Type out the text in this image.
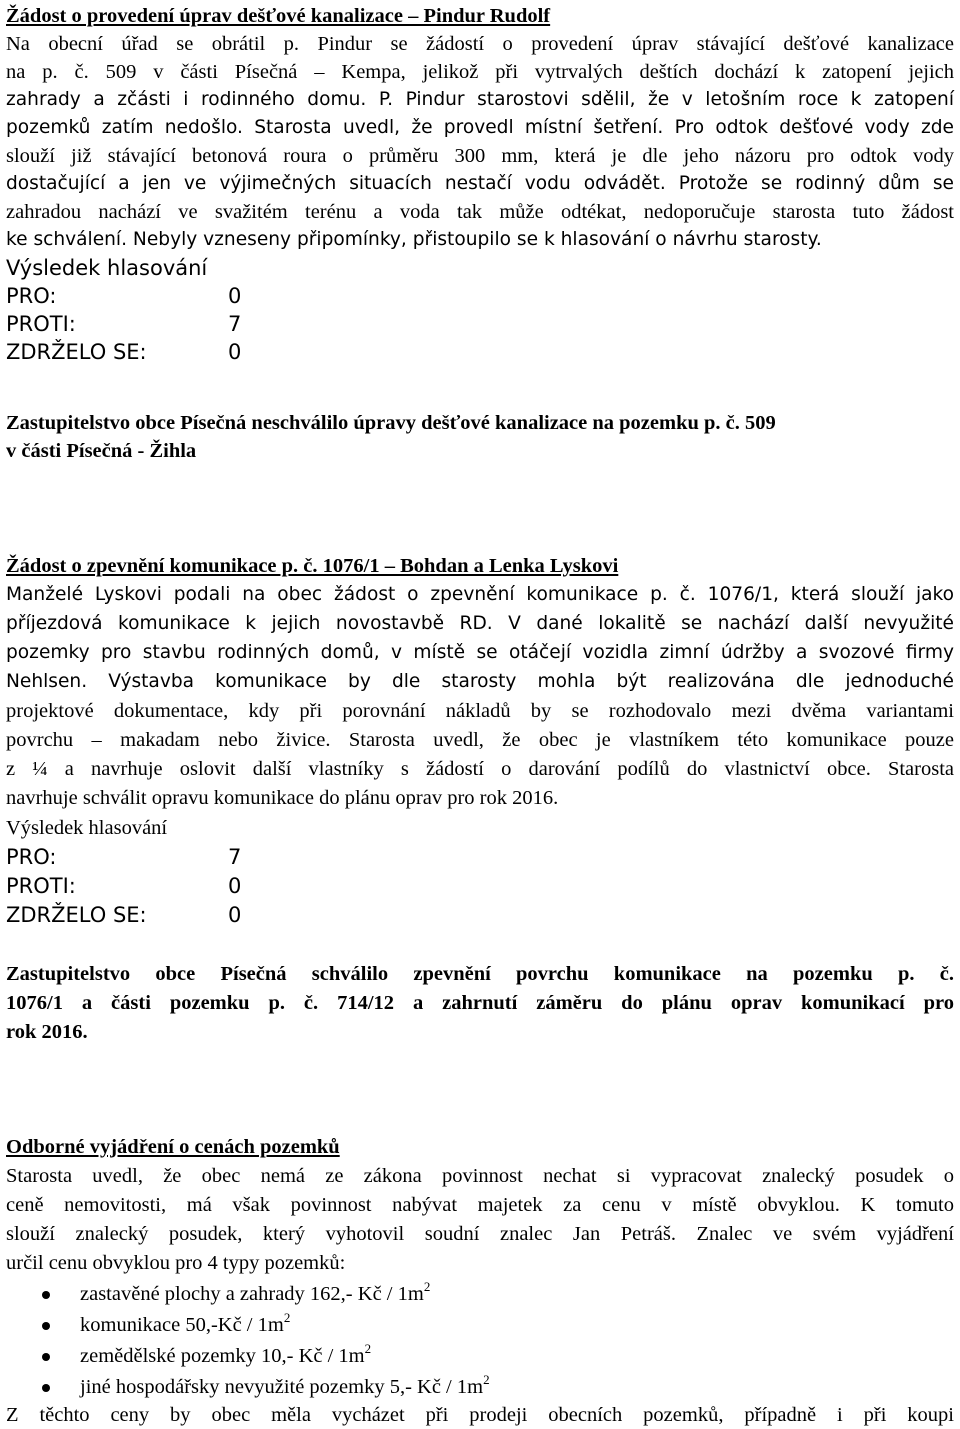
Žádost o provedení úprav dešťové kanalizace – Pindur Rudolf
Na obecní úřad se obrátil p. Pindur se žádostí o provedení úprav stávající dešťové kanalizace
na p. č. 509 v části Písečná – Kempa, jelikož při vytrvalých deštích dochází k zatopení jejich
zahrady a zčásti i rodinného domu. P. Pindur starostovi sdělil, že v letošním roce k zatopení
pozemků zatím nedošlo. Starosta uvedl, že provedl místní šetření. Pro odtok dešťové vody zde
slouží již stávající betonová roura o průměru 300 mm, která je dle jeho názoru pro odtok vody
dostačující a jen ve výjimečných situacích nestačí vodu odvádět. Protože se rodinný dům se
zahradou nachází ve svažitém terénu a voda tak může odtékat, nedoporučuje starosta tuto žádost
ke schválení. Nebyly vzneseny připomínky, přistoupilo se k hlasování o návrhu starosty.
Výsledek hlasování
PRO:	0
PROTI:	7
ZDRŽELO SE:	0
Zastupitelstvo obce Písečná neschválilo úpravy dešťové kanalizace na pozemku p. č. 509
v části Písečná - Žihla
Žádost o zpevnění komunikace p. č. 1076/1 – Bohdan a Lenka Lyskovi
Manželé Lyskovi podali na obec žádost o zpevnění komunikace p. č. 1076/1, která slouží jako
příjezdová komunikace k jejich novostavbě RD. V dané lokalitě se nachází další nevyužité
pozemky pro stavbu rodinných domů, v místě se otáčejí vozidla zimní údržby a svozové firmy
Nehlsen. Výstavba komunikace by dle starosty mohla být realizována dle jednoduché
projektové dokumentace, kdy při porovnání nákladů by se rozhodovalo mezi dvěma variantami
povrchu – makadam nebo živice. Starosta uvedl, že obec je vlastníkem této komunikace pouze
z ¼ a navrhuje oslovit další vlastníky s žádostí o darování podílů do vlastnictví obce. Starosta
navrhuje schválit opravu komunikace do plánu oprav pro rok 2016.
Výsledek hlasování
PRO:	7
PROTI:	0
ZDRŽELO SE:	0
Zastupitelstvo obce Písečná schválilo zpevnění povrchu komunikace na pozemku p. č.
1076/1 a části pozemku p. č. 714/12 a zahrnutí záměru do plánu oprav komunikací pro
rok 2016.
Odborné vyjádření o cenách pozemků
Starosta uvedl, že obec nemá ze zákona povinnost nechat si vypracovat znalecký posudek o
ceně nemovitosti, má však povinnost nabývat majetek za cenu v místě obvyklou. K tomuto
slouží znalecký posudek, který vyhotovil soudní znalec Jan Petráš. Znalec ve svém vyjádření
určil cenu obvyklou pro 4 typy pozemků:
zastavěné plochy a zahrady 162,- Kč / $1m^2$
komunikace 50,-Kč / $1m^2$
zemědělské pozemky 10,- Kč / $1m^2$
jiné hospodářsky nevyužité pozemky 5,- Kč / $1m^2$
Z těchto ceny by obec měla vycházet při prodeji obecních pozemků, případně i při koupi
